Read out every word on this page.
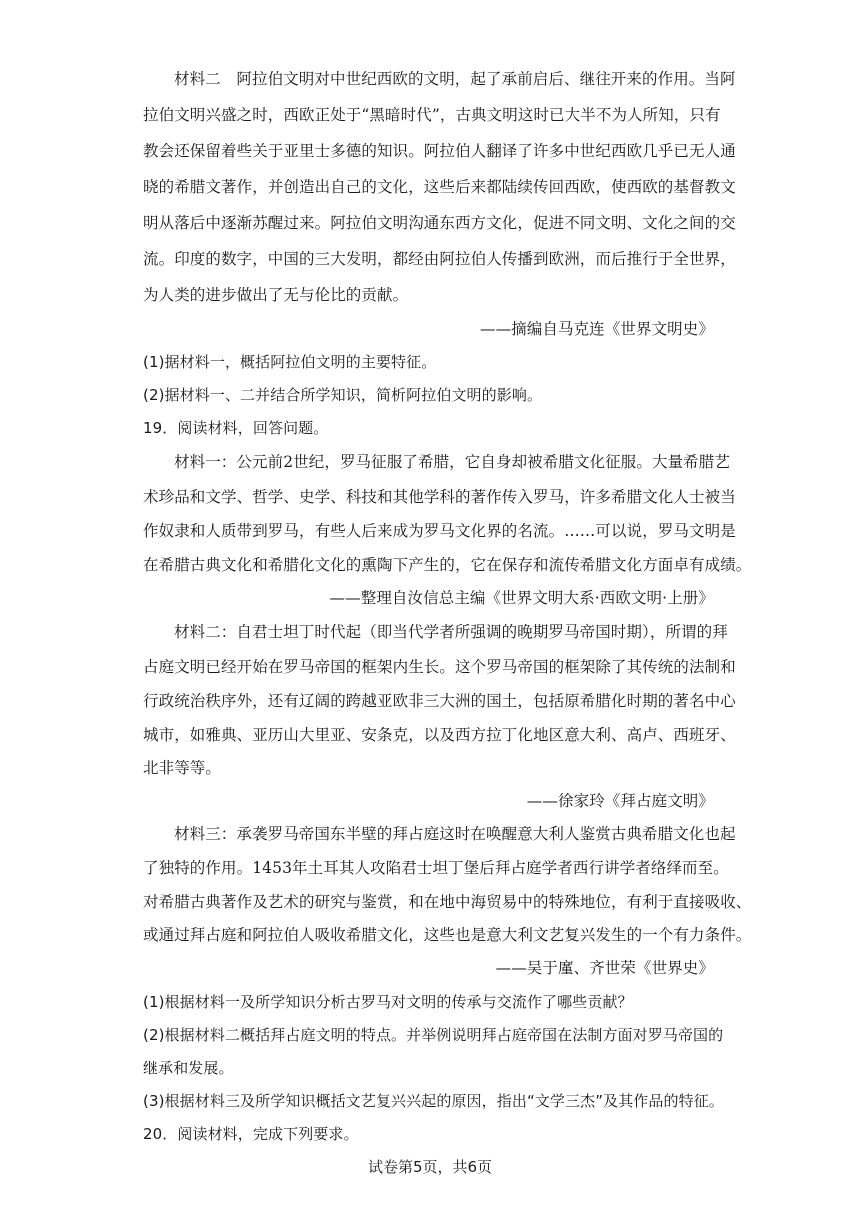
材料二　阿拉伯文明对中世纪西欧的文明，起了承前启后、继往开来的作用。当阿
拉伯文明兴盛之时，西欧正处于“黑暗时代”，古典文明这时已大半不为人所知，只有
教会还保留着些关于亚里士多德的知识。阿拉伯人翻译了许多中世纪西欧几乎已无人通
晓的希腊文著作，并创造出自己的文化，这些后来都陆续传回西欧，使西欧的基督教文
明从落后中逐渐苏醒过来。阿拉伯文明沟通东西方文化，促进不同文明、文化之间的交
流。印度的数字，中国的三大发明，都经由阿拉伯人传播到欧洲，而后推行于全世界，
为人类的进步做出了无与伦比的贡献。
——摘编自马克连《世界文明史》
(1)据材料一，概括阿拉伯文明的主要特征。
(2)据材料一、二并结合所学知识，简析阿拉伯文明的影响。
19．阅读材料，回答问题。
材料一：公元前2世纪，罗马征服了希腊，它自身却被希腊文化征服。大量希腊艺
术珍品和文学、哲学、史学、科技和其他学科的著作传入罗马，许多希腊文化人士被当
作奴隶和人质带到罗马，有些人后来成为罗马文化界的名流。……可以说，罗马文明是
在希腊古典文化和希腊化文化的熏陶下产生的，它在保存和流传希腊文化方面卓有成绩。
——整理自汝信总主编《世界文明大系·西欧文明·上册》
材料二：自君士坦丁时代起（即当代学者所强调的晚期罗马帝国时期），所谓的拜
占庭文明已经开始在罗马帝国的框架内生长。这个罗马帝国的框架除了其传统的法制和
行政统治秩序外，还有辽阔的跨越亚欧非三大洲的国土，包括原希腊化时期的著名中心
城市，如雅典、亚历山大里亚、安条克，以及西方拉丁化地区意大利、高卢、西班牙、
北非等等。
——徐家玲《拜占庭文明》
材料三：承袭罗马帝国东半壁的拜占庭这时在唤醒意大利人鉴赏古典希腊文化也起
了独特的作用。1453年土耳其人攻陷君士坦丁堡后拜占庭学者西行讲学者络绎而至。
对希腊古典著作及艺术的研究与鉴赏，和在地中海贸易中的特殊地位，有利于直接吸收、
或通过拜占庭和阿拉伯人吸收希腊文化，这些也是意大利文艺复兴发生的一个有力条件。
——吴于廑、齐世荣《世界史》
(1)根据材料一及所学知识分析古罗马对文明的传承与交流作了哪些贡献？
(2)根据材料二概括拜占庭文明的特点。并举例说明拜占庭帝国在法制方面对罗马帝国的
继承和发展。
(3)根据材料三及所学知识概括文艺复兴兴起的原因，指出“文学三杰”及其作品的特征。
20．阅读材料，完成下列要求。
试卷第5页，共6页
